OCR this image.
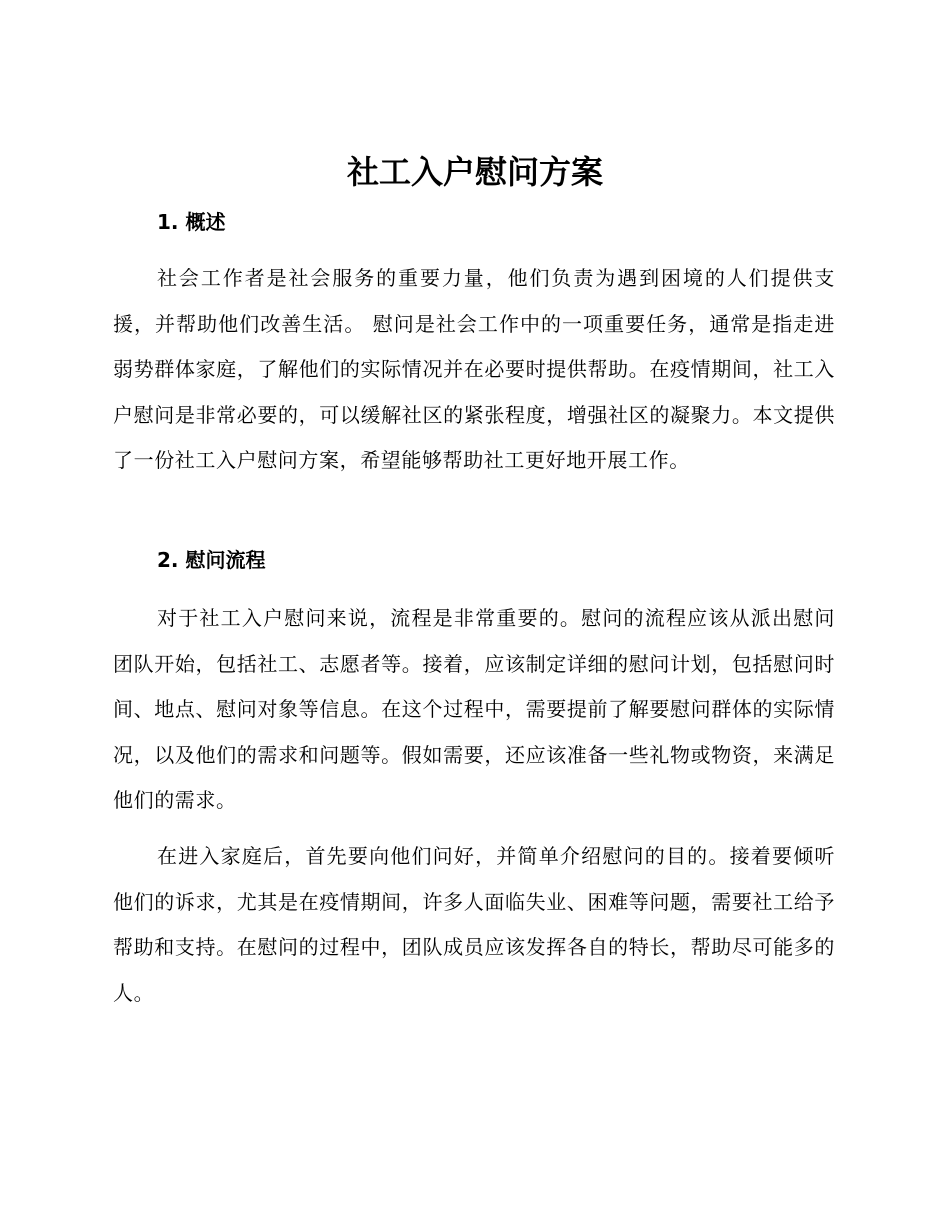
社工入户慰问方案
1. 概述

社会工作者是社会服务的重要力量，他们负责为遇到困境的人们提供支援，并帮助他们改善生活。 慰问是社会工作中的一项重要任务，通常是指走进弱势群体家庭，了解他们的实际情况并在必要时提供帮助。在疫情期间，社工入户慰问是非常必要的，可以缓解社区的紧张程度，增强社区的凝聚力。本文提供了一份社工入户慰问方案，希望能够帮助社工更好地开展工作。

2. 慰问流程

对于社工入户慰问来说，流程是非常重要的。慰问的流程应该从派出慰问团队开始，包括社工、志愿者等。接着，应该制定详细的慰问计划，包括慰问时间、地点、慰问对象等信息。在这个过程中，需要提前了解要慰问群体的实际情况，以及他们的需求和问题等。假如需要，还应该准备一些礼物或物资，来满足他们的需求。

在进入家庭后，首先要向他们问好，并简单介绍慰问的目的。接着要倾听他们的诉求，尤其是在疫情期间，许多人面临失业、困难等问题，需要社工给予帮助和支持。在慰问的过程中，团队成员应该发挥各自的特长，帮助尽可能多的人。
